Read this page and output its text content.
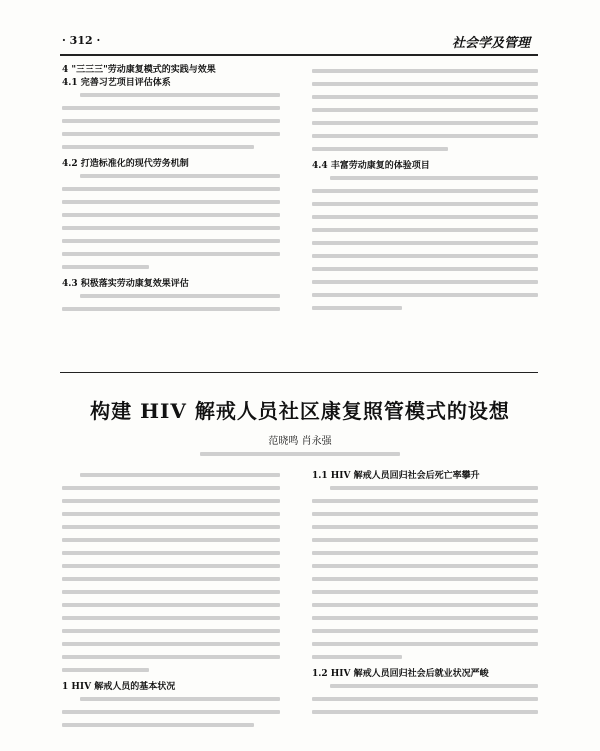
· 312 ·	社会学及管理

4 "三三三"劳动康复模式的实践与效果

4.1 完善习艺项目评估体系

4.2 打造标准化的现代劳务机制

4.3 积极落实劳动康复效果评估

4.4 丰富劳动康复的体验项目

构建 HIV 解戒人员社区康复照管模式的设想
范晓鸣 肖永强

1 HIV 解戒人员的基本状况

1.1 HIV 解戒人员回归社会后死亡率攀升

1.2 HIV 解戒人员回归社会后就业状况严峻
